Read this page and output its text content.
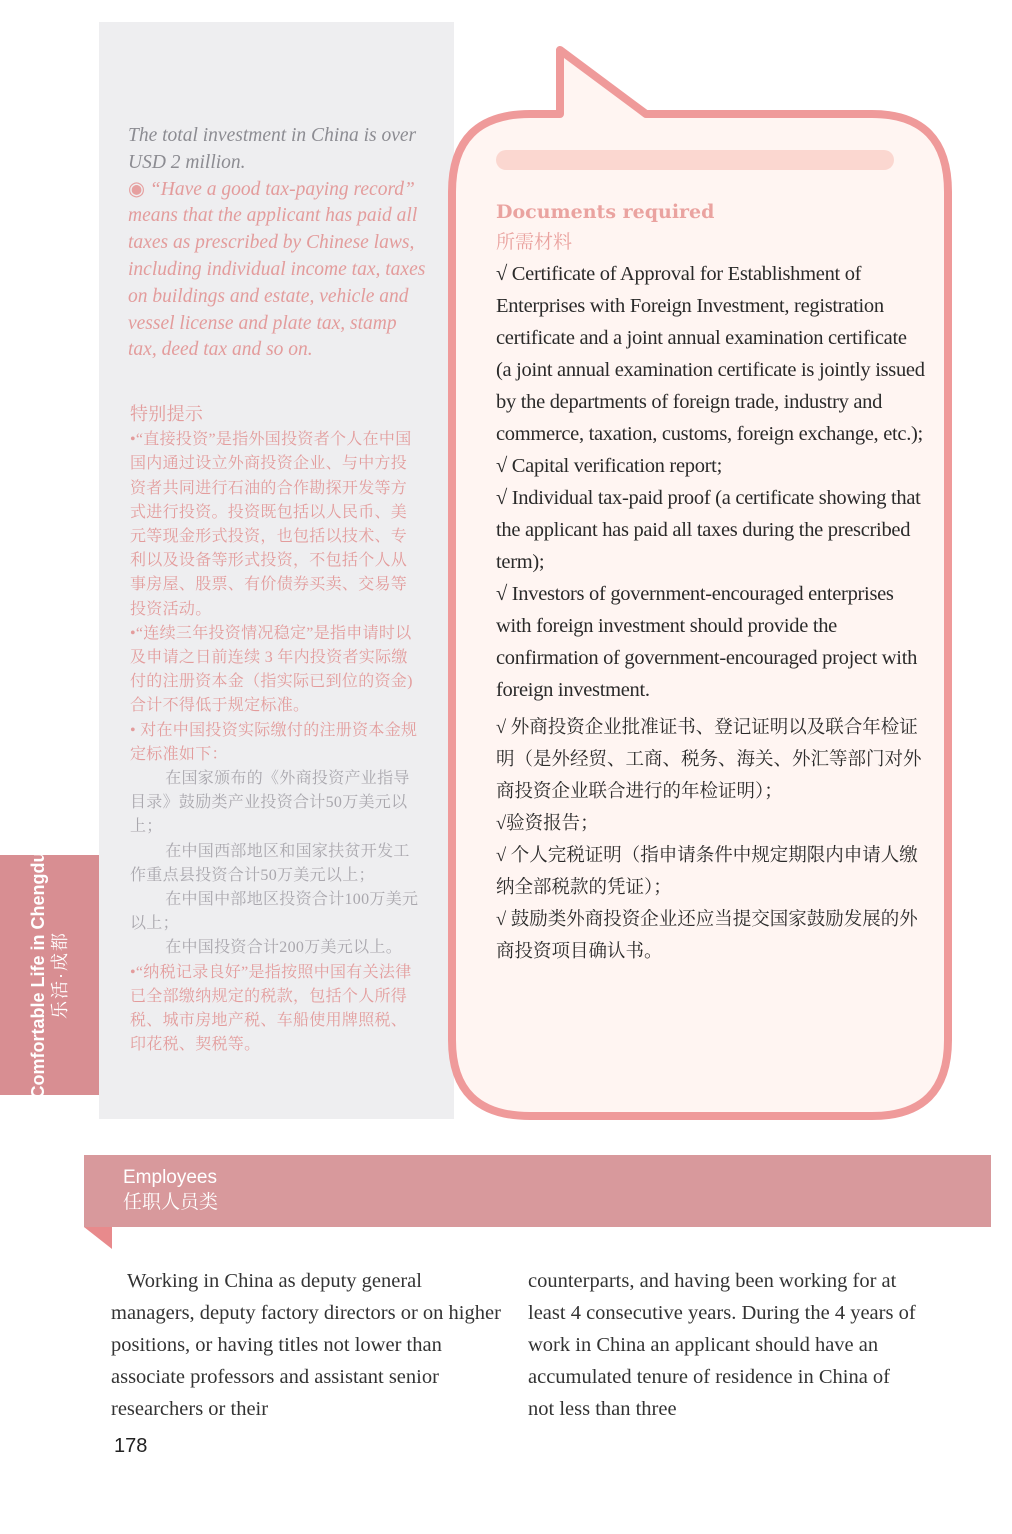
The total investment in China is over USD 2 million.

◉ “Have a good tax-paying record” means that the applicant has paid all taxes as prescribed by Chinese laws, including individual income tax, taxes on buildings and estate, vehicle and vessel license and plate tax, stamp tax, deed tax and so on.

特别提示

•“直接投资”是指外国投资者个人在中国国内通过设立外商投资企业、与中方投资者共同进行石油的合作勘探开发等方式进行投资。投资既包括以人民币、美元等现金形式投资，也包括以技术、专利以及设备等形式投资，不包括个人从事房屋、股票、有价债券买卖、交易等投资活动。

•“连续三年投资情况稳定”是指申请时以及申请之日前连续 3 年内投资者实际缴付的注册资本金（指实际已到位的资金)合计不得低于规定标准。

• 对在中国投资实际缴付的注册资本金规定标准如下：

在国家颁布的《外商投资产业指导目录》鼓励类产业投资合计50万美元以上；

在中国西部地区和国家扶贫开发工作重点县投资合计50万美元以上；

在中国中部地区投资合计100万美元以上；

在中国投资合计200万美元以上。

•“纳税记录良好”是指按照中国有关法律已全部缴纳规定的税款，包括个人所得税、城市房地产税、车船使用牌照税、印花税、契税等。

Comfortable Life in Chengdu 乐活·成都
Documents required
所需材料

√ Certificate of Approval for Establishment of Enterprises with Foreign Investment, registration certificate and a joint annual examination certificate (a joint annual examination certificate is jointly issued by the departments of foreign trade, industry and commerce, taxation, customs, foreign exchange, etc.);

√ Capital verification report;

√ Individual tax-paid proof (a certificate showing that the applicant has paid all taxes during the prescribed term);

√ Investors of government-encouraged enterprises with foreign investment should provide the confirmation of government-encouraged project with foreign investment.

√ 外商投资企业批准证书、登记证明以及联合年检证明（是外经贸、工商、税务、海关、外汇等部门对外商投资企业联合进行的年检证明）；

√验资报告；

√ 个人完税证明（指申请条件中规定期限内申请人缴纳全部税款的凭证）；

√ 鼓励类外商投资企业还应当提交国家鼓励发展的外商投资项目确认书。

Employees
任职人员类

Working in China as deputy general managers, deputy factory directors or on higher positions, or having titles not lower than associate professors and assistant senior researchers or their

counterparts, and having been working for at least 4 consecutive years. During the 4 years of work in China an applicant should have an accumulated tenure of residence in China of not less than three

178
